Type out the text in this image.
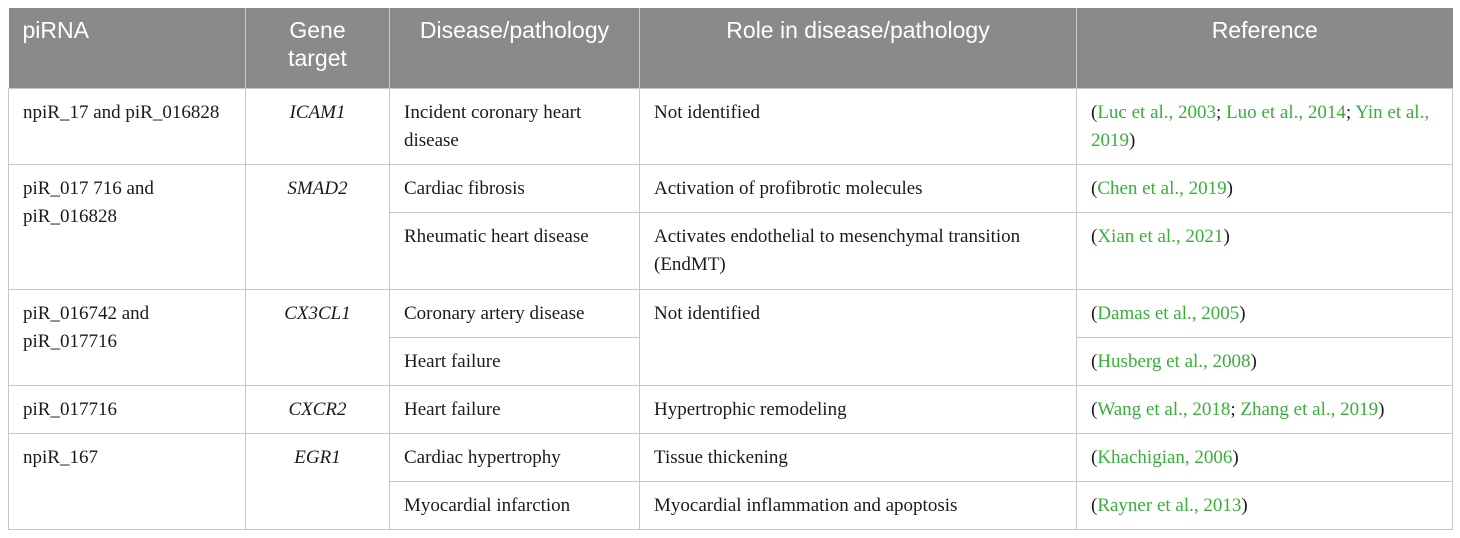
piRNA	Gene target	Disease/pathology	Role in disease/pathology	Reference
npiR_17 and piR_016828	ICAM1	Incident coronary heart disease	Not identified	(Luc et al., 2003; Luo et al., 2014; Yin et al., 2019)
piR_017 716 and piR_016828	SMAD2	Cardiac fibrosis	Activation of profibrotic molecules	(Chen et al., 2019)
		Rheumatic heart disease	Activates endothelial to mesenchymal transition (EndMT)	(Xian et al., 2021)
piR_016742 and piR_017716	CX3CL1	Coronary artery disease	Not identified	(Damas et al., 2005)
		Heart failure		(Husberg et al., 2008)
piR_017716	CXCR2	Heart failure	Hypertrophic remodeling	(Wang et al., 2018; Zhang et al., 2019)
npiR_167	EGR1	Cardiac hypertrophy	Tissue thickening	(Khachigian, 2006)
		Myocardial infarction	Myocardial inflammation and apoptosis	(Rayner et al., 2013)
